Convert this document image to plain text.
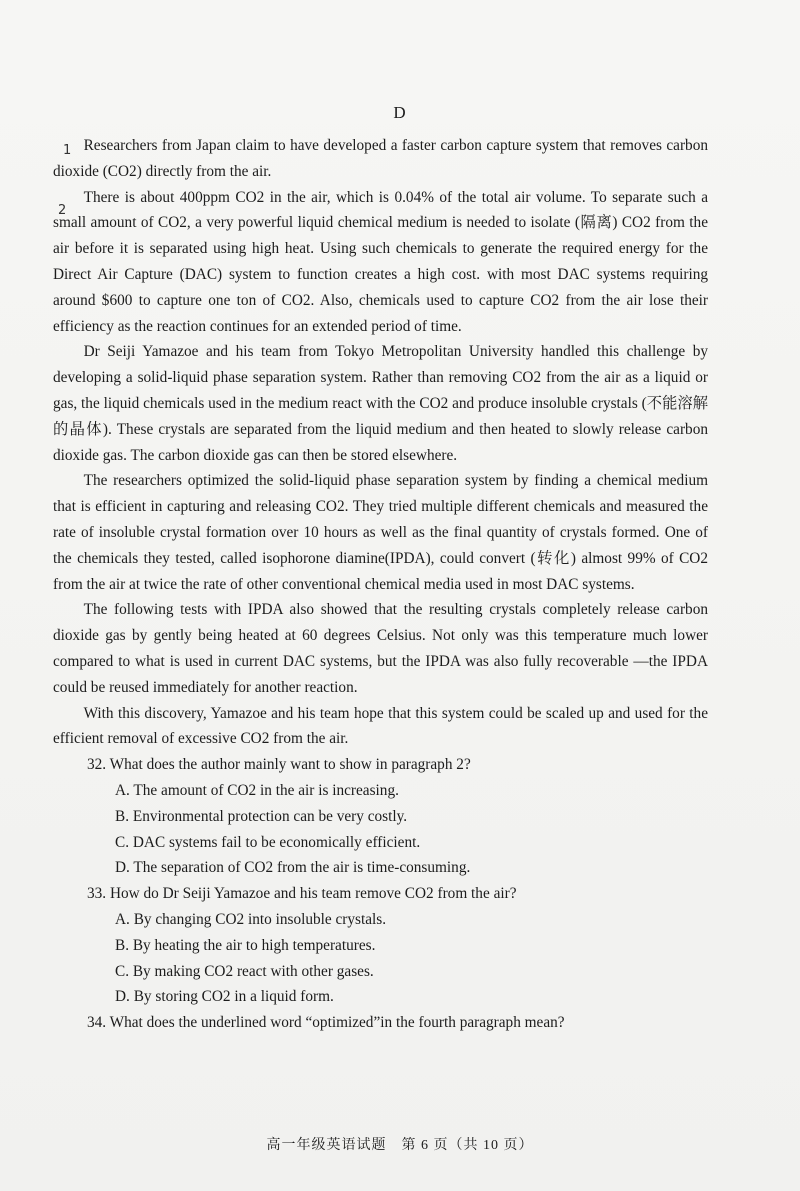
D
1
2

Researchers from Japan claim to have developed a faster carbon capture system that removes carbon dioxide (CO2) directly from the air.

There is about 400ppm CO2 in the air, which is 0.04% of the total air volume. To separate such a small amount of CO2, a very powerful liquid chemical medium is needed to isolate (隔离) CO2 from the air before it is separated using high heat. Using such chemicals to generate the required energy for the Direct Air Capture (DAC) system to function creates a high cost. with most DAC systems requiring around $600 to capture one ton of CO2. Also, chemicals used to capture CO2 from the air lose their efficiency as the reaction continues for an extended period of time.

Dr Seiji Yamazoe and his team from Tokyo Metropolitan University handled this challenge by developing a solid-liquid phase separation system. Rather than removing CO2 from the air as a liquid or gas, the liquid chemicals used in the medium react with the CO2 and produce insoluble crystals (不能溶解的晶体). These crystals are separated from the liquid medium and then heated to slowly release carbon dioxide gas. The carbon dioxide gas can then be stored elsewhere.

The researchers optimized the solid-liquid phase separation system by finding a chemical medium that is efficient in capturing and releasing CO2. They tried multiple different chemicals and measured the rate of insoluble crystal formation over 10 hours as well as the final quantity of crystals formed. One of the chemicals they tested, called isophorone diamine(IPDA), could convert (转化) almost 99% of CO2 from the air at twice the rate of other conventional chemical media used in most DAC systems.

The following tests with IPDA also showed that the resulting crystals completely release carbon dioxide gas by gently being heated at 60 degrees Celsius. Not only was this temperature much lower compared to what is used in current DAC systems, but the IPDA was also fully recoverable —the IPDA could be reused immediately for another reaction.

With this discovery, Yamazoe and his team hope that this system could be scaled up and used for the efficient removal of excessive CO2 from the air.

32. What does the author mainly want to show in paragraph 2?

A. The amount of CO2 in the air is increasing.

B. Environmental protection can be very costly.

C. DAC systems fail to be economically efficient.

D. The separation of CO2 from the air is time-consuming.

33. How do Dr Seiji Yamazoe and his team remove CO2 from the air?

A. By changing CO2 into insoluble crystals.

B. By heating the air to high temperatures.

C. By making CO2 react with other gases.

D. By storing CO2 in a liquid form.

34. What does the underlined word “optimized”in the fourth paragraph mean?

高一年级英语试题　第 6 页（共 10 页）
